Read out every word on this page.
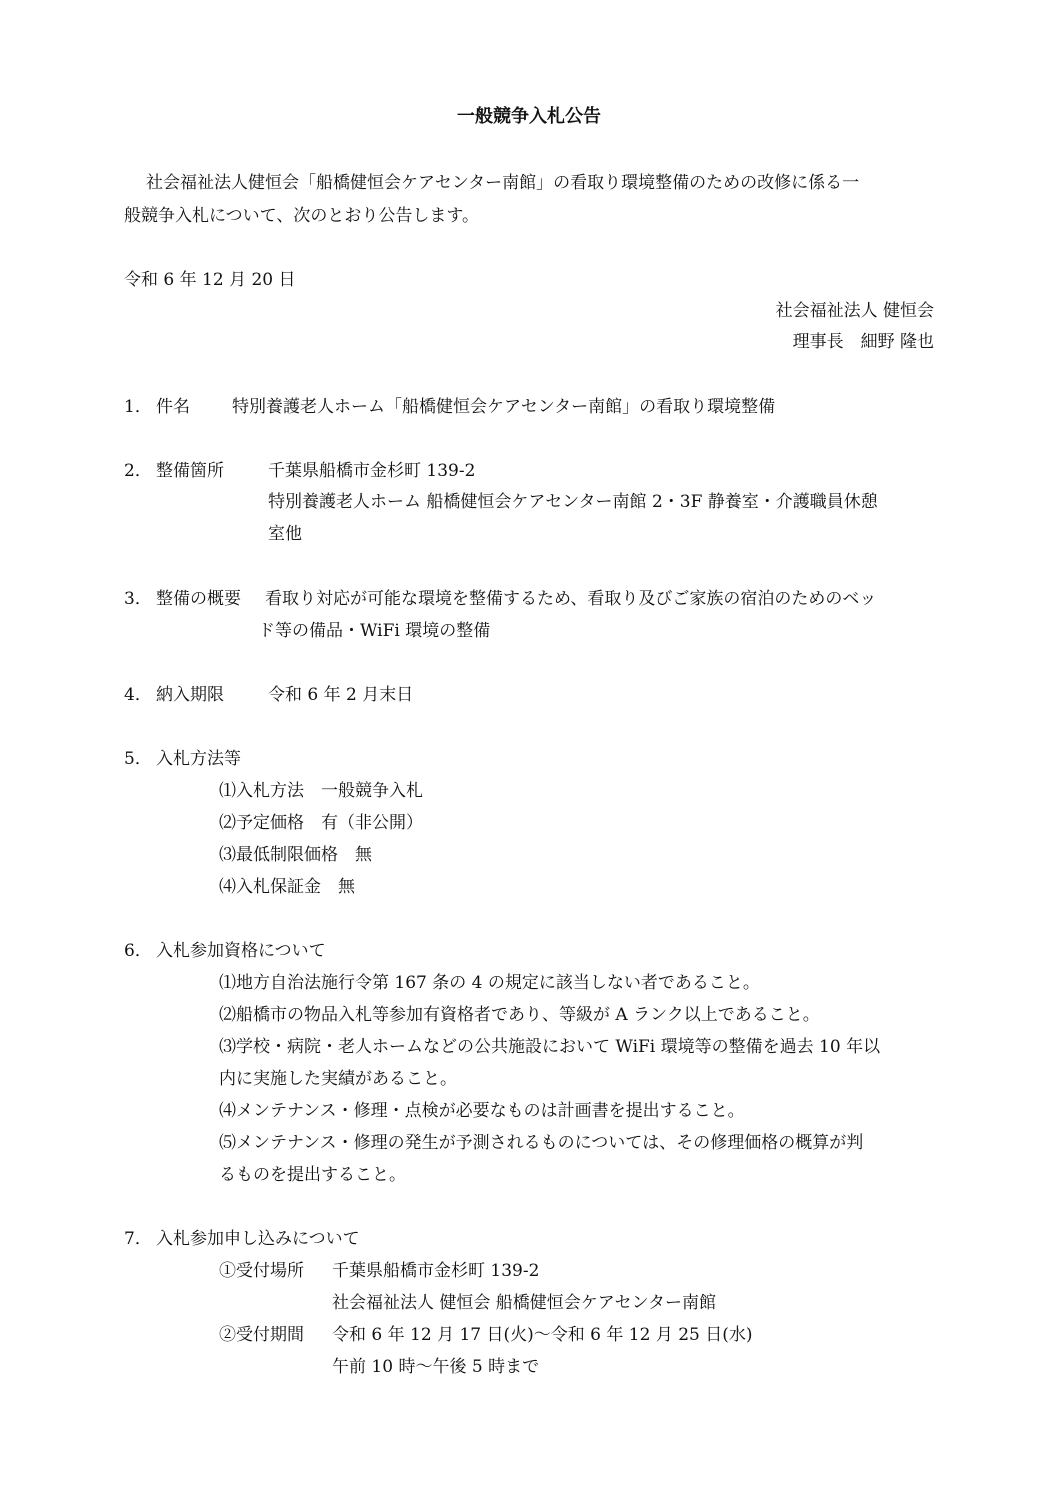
一般競争入札公告
社会福祉法人健恒会「船橋健恒会ケアセンター南館」の看取り環境整備のための改修に係る一
般競争入札について、次のとおり公告します。
令和 6 年 12 月 20 日
社会福祉法人 健恒会
理事長　細野 隆也
1． 件名 特別養護老人ホーム「船橋健恒会ケアセンター南館」の看取り環境整備
2． 整備箇所	千葉県船橋市金杉町 139-2
特別養護老人ホーム 船橋健恒会ケアセンター南館 2・3F 静養室・介護職員休憩
室他
3． 整備の概要 看取り対応が可能な環境を整備するため、看取り及びご家族の宿泊のためのベッ
ド等の備品・WiFi 環境の整備
4． 納入期限	令和 6 年 2 月末日
5． 入札方法等
⑴入札方法　一般競争入札
⑵予定価格　有（非公開）
⑶最低制限価格　無
⑷入札保証金　無
6． 入札参加資格について
⑴地方自治法施行令第 167 条の 4 の規定に該当しない者であること。
⑵船橋市の物品入札等参加有資格者であり、等級が A ランク以上であること。
⑶学校・病院・老人ホームなどの公共施設において WiFi 環境等の整備を過去 10 年以
内に実施した実績があること。
⑷メンテナンス・修理・点検が必要なものは計画書を提出すること。
⑸メンテナンス・修理の発生が予測されるものについては、その修理価格の概算が判
るものを提出すること。
7． 入札参加申し込みについて
①受付場所 千葉県船橋市金杉町 139-2
社会福祉法人 健恒会 船橋健恒会ケアセンター南館
②受付期間 令和 6 年 12 月 17 日(火)～令和 6 年 12 月 25 日(水)
午前 10 時～午後 5 時まで
